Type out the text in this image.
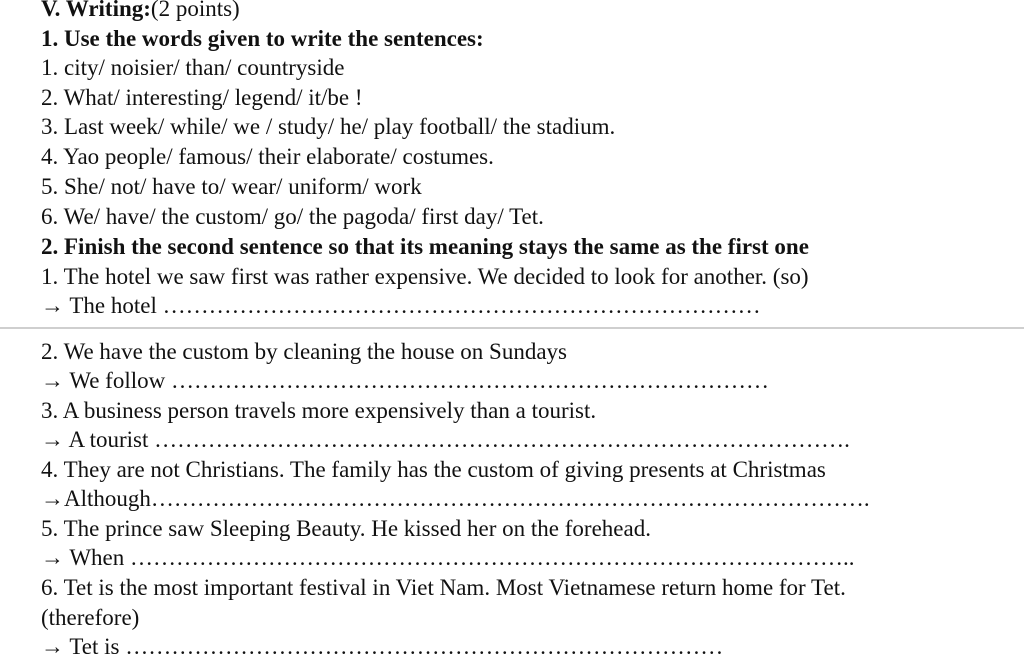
V. Writing:(2 points)
1. Use the words given to write the sentences:
1. city/ noisier/ than/ countryside
2. What/ interesting/ legend/ it/be !
3. Last week/ while/ we / study/ he/ play football/ the stadium.
4. Yao people/ famous/ their elaborate/ costumes.
5. She/ not/ have to/ wear/ uniform/ work
6. We/ have/ the custom/ go/ the pagoda/ first day/ Tet.
2. Finish the second sentence so that its meaning stays the same as the first one
1. The hotel we saw first was rather expensive. We decided to look for another. (so)
→ The hotel ……………………………………………………………………
2. We have the custom by cleaning the house on Sundays
→ We follow ……………………………………………………………………
3. A business person travels more expensively than a tourist.
→ A tourist ……………………………………………………………………………….
4. They are not Christians. The family has the custom of giving presents at Christmas
→Although………………………………………………………………………………….
5. The prince saw Sleeping Beauty. He kissed her on the forehead.
→ When …………………………………………………………………………………..
6. Tet is the most important festival in Viet Nam. Most Vietnamese return home for Tet.
(therefore)
→ Tet is ……………………………………………………………………
